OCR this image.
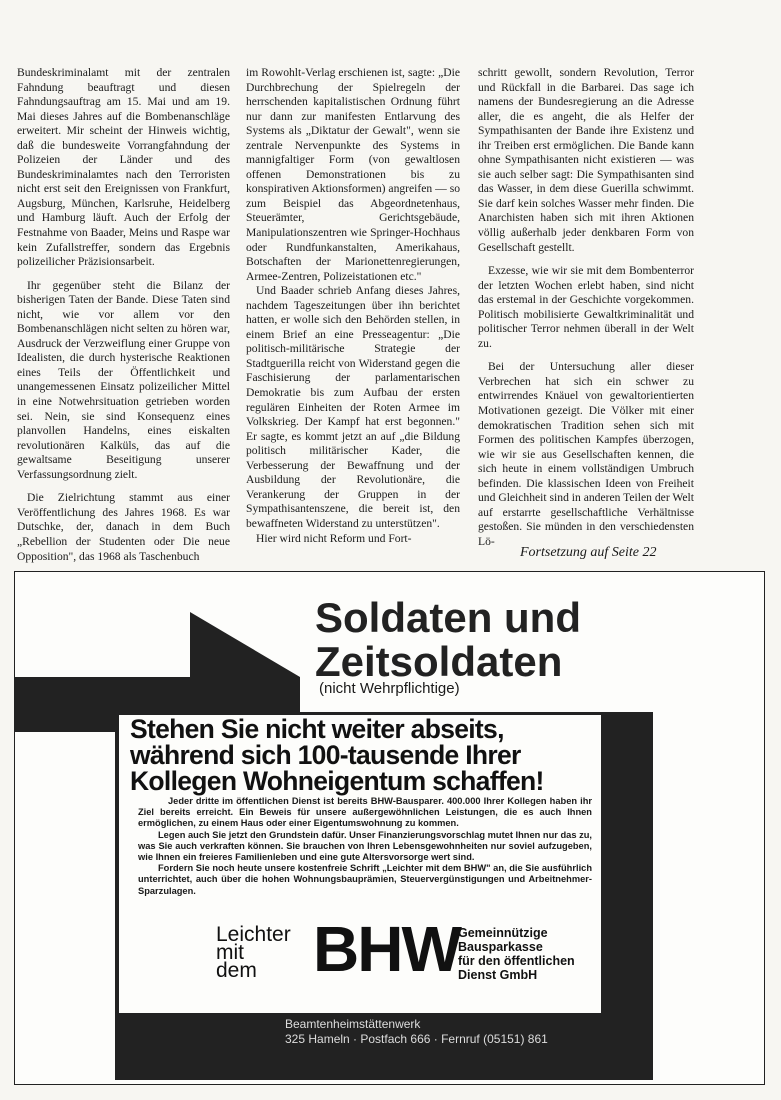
Bundeskriminalamt mit der zentralen Fahndung beauftragt und diesen Fahndungsauftrag am 15. Mai und am 19. Mai dieses Jahres auf die Bombenanschläge erweitert. Mir scheint der Hinweis wichtig, daß die bundesweite Vorrangfahndung der Polizeien der Länder und des Bundeskriminalamtes nach den Terroristen nicht erst seit den Ereignissen von Frankfurt, Augsburg, München, Karlsruhe, Heidelberg und Hamburg läuft. Auch der Erfolg der Festnahme von Baader, Meins und Raspe war kein Zufallstreffer, sondern das Ergebnis polizeilicher Präzisionsarbeit.

Ihr gegenüber steht die Bilanz der bisherigen Taten der Bande. Diese Taten sind nicht, wie vor allem vor den Bombenanschlägen nicht selten zu hören war, Ausdruck der Verzweiflung einer Gruppe von Idealisten, die durch hysterische Reaktionen eines Teils der Öffentlichkeit und unangemessenen Einsatz polizeilicher Mittel in eine Notwehrsituation getrieben worden sei. Nein, sie sind Konsequenz eines planvollen Handelns, eines eiskalten revolutionären Kalküls, das auf die gewaltsame Beseitigung unserer Verfassungsordnung zielt.

Die Zielrichtung stammt aus einer Veröffentlichung des Jahres 1968. Es war Dutschke, der, danach in dem Buch „Rebellion der Studenten oder Die neue Opposition", das 1968 als Taschenbuch

im Rowohlt-Verlag erschienen ist, sagte: „Die Durchbrechung der Spielregeln der herrschenden kapitalistischen Ordnung führt nur dann zur manifesten Entlarvung des Systems als „Diktatur der Gewalt", wenn sie zentrale Nervenpunkte des Systems in mannigfaltiger Form (von gewaltlosen offenen Demonstrationen bis zu konspirativen Aktionsformen) angreifen — so zum Beispiel das Abgeordnetenhaus, Steuerämter, Gerichtsgebäude, Manipulationszentren wie Springer-Hochhaus oder Rundfunkanstalten, Amerikahaus, Botschaften der Marionettenregierungen, Armee-Zentren, Polizeistationen etc."

Und Baader schrieb Anfang dieses Jahres, nachdem Tageszeitungen über ihn berichtet hatten, er wolle sich den Behörden stellen, in einem Brief an eine Presseagentur: „Die politisch-militärische Strategie der Stadtguerilla reicht von Widerstand gegen die Faschisierung der parlamentarischen Demokratie bis zum Aufbau der ersten regulären Einheiten der Roten Armee im Volkskrieg. Der Kampf hat erst begonnen." Er sagte, es kommt jetzt an auf „die Bildung politisch militärischer Kader, die Verbesserung der Bewaffnung und der Ausbildung der Revolutionäre, die Verankerung der Gruppen in der Sympathisantenszene, die bereit ist, den bewaffneten Widerstand zu unterstützen".

Hier wird nicht Reform und Fort-

schritt gewollt, sondern Revolution, Terror und Rückfall in die Barbarei. Das sage ich namens der Bundesregierung an die Adresse aller, die es angeht, die als Helfer der Sympathisanten der Bande ihre Existenz und ihr Treiben erst ermöglichen. Die Bande kann ohne Sympathisanten nicht existieren — was sie auch selber sagt: Die Sympathisanten sind das Wasser, in dem diese Guerilla schwimmt. Sie darf kein solches Wasser mehr finden. Die Anarchisten haben sich mit ihren Aktionen völlig außerhalb jeder denkbaren Form von Gesellschaft gestellt.

Exzesse, wie wir sie mit dem Bombenterror der letzten Wochen erlebt haben, sind nicht das erstemal in der Geschichte vorgekommen. Politisch mobilisierte Gewaltkriminalität und politischer Terror nehmen überall in der Welt zu.

Bei der Untersuchung aller dieser Verbrechen hat sich ein schwer zu entwirrendes Knäuel von gewaltorientierten Motivationen gezeigt. Die Völker mit einer demokratischen Tradition sehen sich mit Formen des politischen Kampfes überzogen, wie wir sie aus Gesellschaften kennen, die sich heute in einem vollständigen Umbruch befinden. Die klassischen Ideen von Freiheit und Gleichheit sind in anderen Teilen der Welt auf erstarrte gesellschaftliche Verhältnisse gestoßen. Sie münden in den verschiedensten Lö-

Fortsetzung auf Seite 22
Soldaten und
Zeitsoldaten
(nicht Wehrpflichtige)
Stehen Sie nicht weiter abseits,
während sich 100-tausende Ihrer
Kollegen Wohneigentum schaffen!

Jeder dritte im öffentlichen Dienst ist bereits BHW-Bausparer. 400.000 Ihrer Kollegen haben ihr Ziel bereits erreicht. Ein Beweis für unsere außergewöhnlichen Leistungen, die es auch Ihnen ermöglichen, zu einem Haus oder einer Eigentumswohnung zu kommen.

Legen auch Sie jetzt den Grundstein dafür. Unser Finanzierungsvorschlag mutet Ihnen nur das zu, was Sie auch verkraften können. Sie brauchen von Ihren Lebensgewohnheiten nur soviel aufzugeben, wie Ihnen ein freieres Familienleben und eine gute Altersvorsorge wert sind.

Fordern Sie noch heute unsere kostenfreie Schrift „Leichter mit dem BHW" an, die Sie ausführlich unterrichtet, auch über die hohen Wohnungsbauprämien, Steuervergünstigungen und Arbeitnehmer-Sparzulagen.

Leichter
mit
dem BHW
Gemeinnützige
Bausparkasse
für den öffentlichen
Dienst GmbH
Beamtenheimstättenwerk
325 Hameln · Postfach 666 · Fernruf (05151) 861
